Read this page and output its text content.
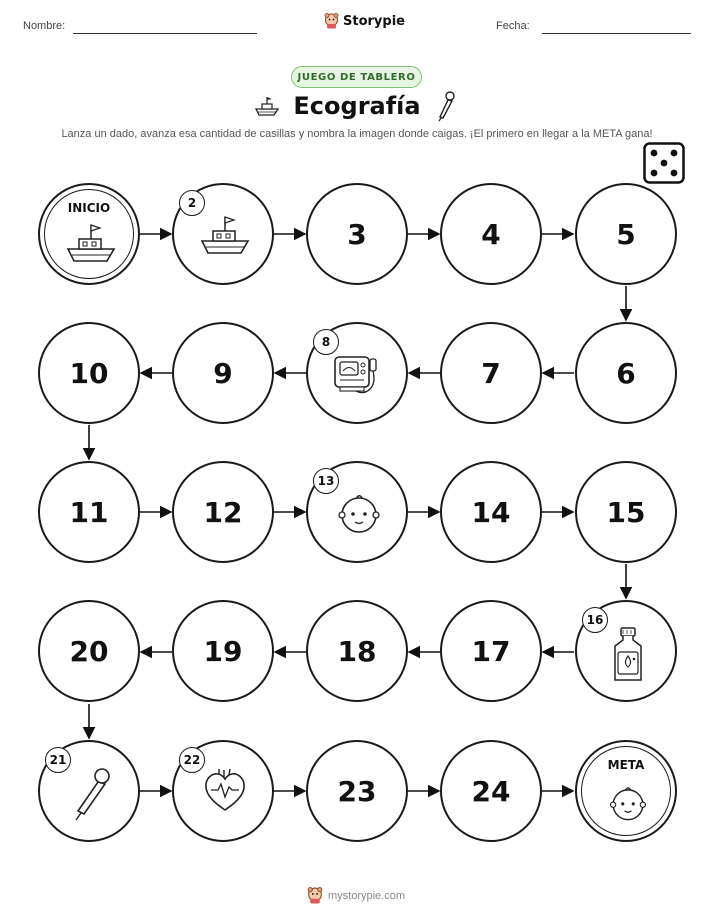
Nombre:	Storypie	Fecha:
JUEGO DE TABLERO
Ecografía
Lanza un dado, avanza esa cantidad de casillas y nombra la imagen donde caigas. ¡El primero en llegar a la META gana!
INICIO	2
3	4	5
6
7
8
9
10
11	12
13
14	15
16
17
18
19
20
21	22
23	24
META
mystorypie.com
